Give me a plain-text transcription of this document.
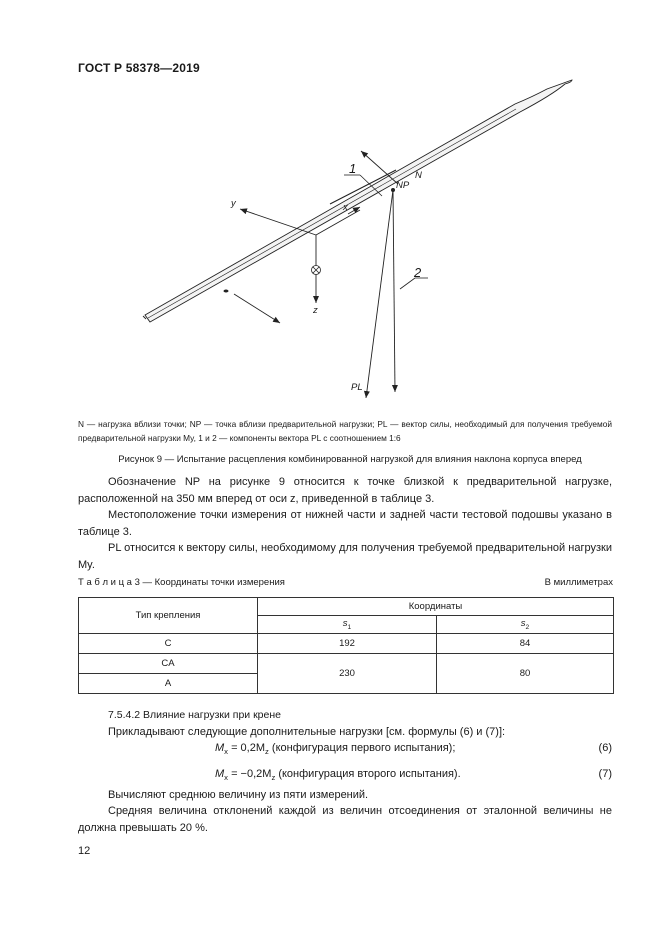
ГОСТ Р 58378—2019
1
2
NP
N
x
y
z
PL
N — нагрузка вблизи точки; NP — точка вблизи предварительной нагрузки; PL — вектор силы, необходимый для получения требуемой предварительной нагрузки My, 1 и 2 — компоненты вектора PL с соотношением 1:6
Рисунок 9 — Испытание расцепления комбинированной нагрузкой для влияния наклона корпуса вперед
Обозначение NP на рисунке 9 относится к точке близкой к предварительной нагрузке, расположенной на 350 мм вперед от оси z, приведенной в таблице 3.
Местоположение точки измерения от нижней части и задней части тестовой подошвы указано в таблице 3.
PL относится к вектору силы, необходимому для получения требуемой предварительной нагрузки My.
Т а б л и ц а 3 — Координаты точки измерения	В миллиметрах
Тип крепления	Координаты	
	$s_1$	$s_2$
C	192	84
CA	230	80
A		
7.5.4.2 Влияние нагрузки при крене
Прикладывают следующие дополнительные нагрузки [см. формулы (6) и (7)]:
$M_x = 0,2M_z$ (конфигурация первого испытания);	(6)
$M_x = -0,2M_z$ (конфигурация второго испытания).	(7)
Вычисляют среднюю величину из пяти измерений.
Средняя величина отклонений каждой из величин отсоединения от эталонной величины не должна превышать 20 %.
12
